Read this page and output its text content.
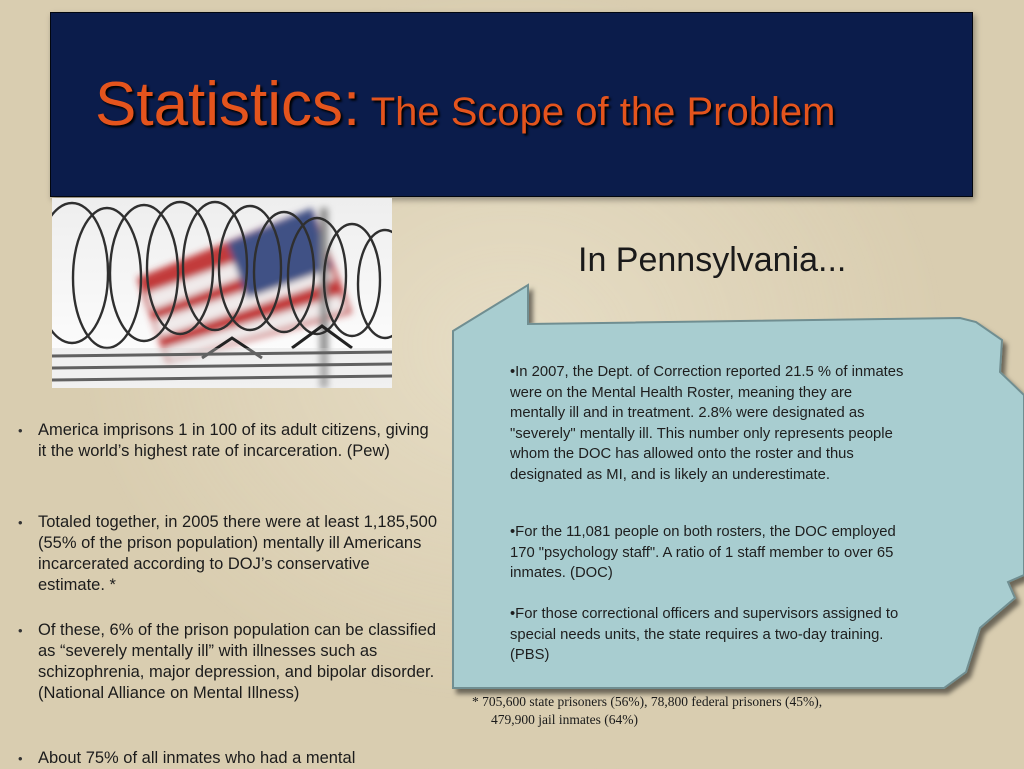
Statistics: The Scope of the Problem
In Pennsylvania...
• America imprisons 1 in 100 of its adult citizens, giving it the world’s highest rate of incarceration. (Pew)
• Totaled together, in 2005 there were at least 1,185,500 (55% of the prison population) mentally ill Americans incarcerated according to DOJ’s conservative estimate. *
• Of these, 6% of the prison population can be classified as “severely mentally ill” with illnesses such as schizophrenia, major depression, and bipolar disorder. (National Alliance on Mental Illness)
• About 75% of all inmates who had a mental

•In 2007, the Dept. of Correction reported 21.5 % of inmates were on the Mental Health Roster, meaning they are mentally ill and in treatment. 2.8% were designated as "severely" mentally ill. This number only represents people whom the DOC has allowed onto the roster and thus designated as MI, and is likely an underestimate.

•For the 11,081 people on both rosters, the DOC employed 170 "psychology staff". A ratio of 1 staff member to over 65 inmates. (DOC)

•For those correctional officers and supervisors assigned to special needs units, the state requires a two-day training. (PBS)

* 705,600 state prisoners (56%), 78,800 federal prisoners (45%),
479,900 jail inmates (64%)
